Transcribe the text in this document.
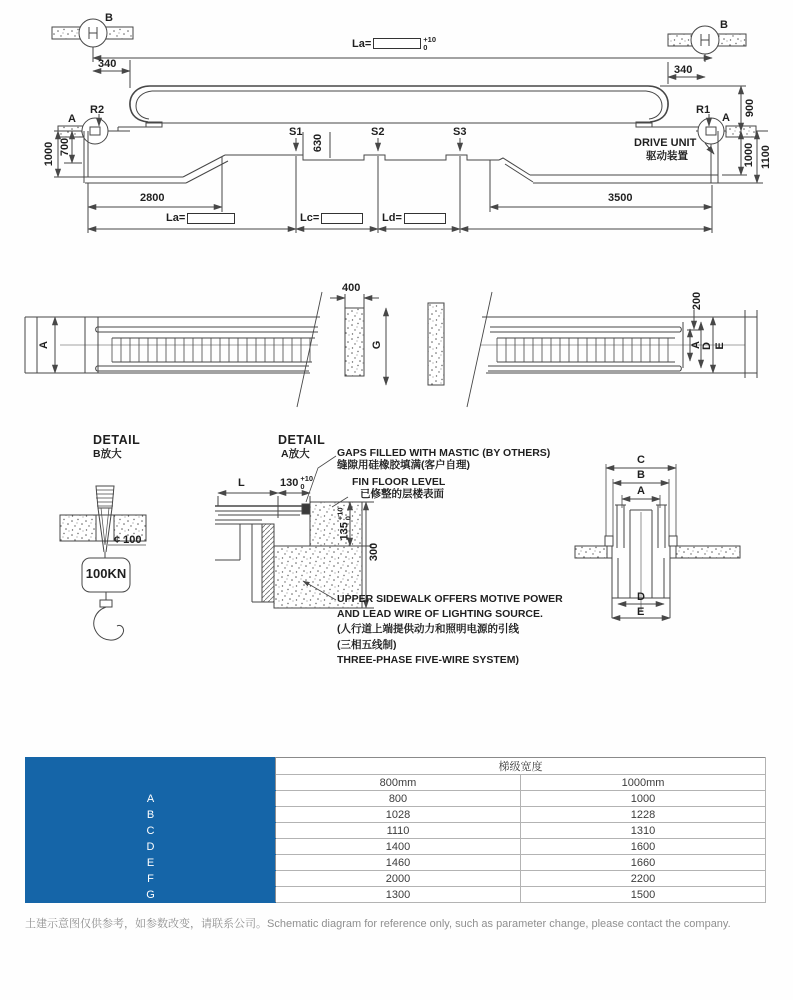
B
B
La=	+10
0
340	340
A
R2	R1
A
900
1000 700	1000 1100
DRIVE UNIT
驱动装置
S1	S2	S3
630
2800	3500
La=	Lc=	Ld=
400
G
A
200
A D E
DETAIL
B放大
¢ 100
100KN
DETAIL
A放大
L	130 +10
0
135
+10
0
300
GAPS FILLED WITH MASTIC (BY OTHERS)
缝隙用硅橡胶填满(客户自理)
FIN FLOOR LEVEL
已修整的层楼表面
UPPER SIDEWALK OFFERS MOTIVE POWER
AND LEAD WIRE OF LIGHTING SOURCE.
(人行道上端提供动力和照明电源的引线
(三相五线制)
THREE-PHASE FIVE-WIRE SYSTEM)
C
B
A
D
E
	梯级宽度	
	800mm	1000mm
A	800	1000
B	1028	1228
C	1110	1310
D	1400	1600
E	1460	1660
F	2000	2200
G	1300	1500
土建示意图仅供参考，如参数改变，请联系公司。Schematic diagram for reference only, such as parameter change, please contact the company.
